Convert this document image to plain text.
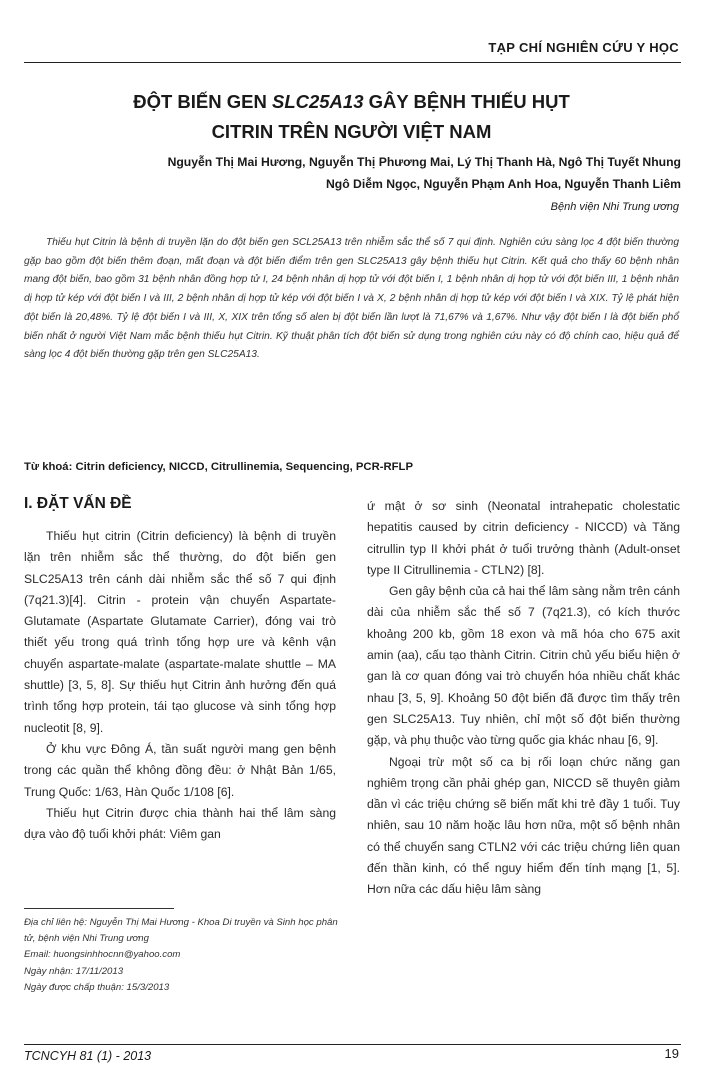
TẠP CHÍ NGHIÊN CỨU Y HỌC
ĐỘT BIẾN GEN SLC25A13 GÂY BỆNH THIẾU HỤT
CITRIN TRÊN NGƯỜI VIỆT NAM
Nguyễn Thị Mai Hương, Nguyễn Thị Phương Mai, Lý Thị Thanh Hà, Ngô Thị Tuyết Nhung
Ngô Diễm Ngọc, Nguyễn Phạm Anh Hoa, Nguyễn Thanh Liêm
Bệnh viện Nhi Trung ương
Thiếu hụt Citrin là bệnh di truyền lặn do đột biến gen SCL25A13 trên nhiễm sắc thể số 7 qui định. Nghiên cứu sàng lọc 4 đột biến thường gặp bao gồm đột biến thêm đoạn, mất đoạn và đột biến điểm trên gen SLC25A13 gây bệnh thiếu hụt Citrin. Kết quả cho thấy 60 bệnh nhân mang đột biến, bao gồm 31 bệnh nhân đồng hợp tử I, 24 bệnh nhân dị hợp tử với đột biến I, 1 bệnh nhân dị hợp tử với đột biến III, 1 bệnh nhân dị hợp tử kép với đột biến I và III, 2 bệnh nhân dị hợp tử kép với đột biến I và X, 2 bệnh nhân dị hợp tử kép với đột biến I và XIX. Tỷ lệ phát hiện đột biến là 20,48%. Tỷ lệ đột biến I và III, X, XIX trên tổng số alen bị đột biến lần lượt là 71,67% và 1,67%. Như vậy đột biến I là đột biến phổ biến nhất ở người Việt Nam mắc bệnh thiếu hụt Citrin. Kỹ thuật phân tích đột biến sử dụng trong nghiên cứu này có độ chính cao, hiệu quả để sàng lọc 4 đột biến thường gặp trên gen SLC25A13.
Từ khoá: Citrin deficiency, NICCD, Citrullinemia, Sequencing, PCR-RFLP
I. ĐẶT VẤN ĐỀ

Thiếu hụt citrin (Citrin deficiency) là bệnh di truyền lặn trên nhiễm sắc thể thường, do đột biến gen SLC25A13 trên cánh dài nhiễm sắc thể số 7 qui định (7q21.3)[4]. Citrin - protein vận chuyển Aspartate-Glutamate (Aspartate Glutamate Carrier), đóng vai trò thiết yếu trong quá trình tổng hợp ure và kênh vận chuyển aspartate-malate (aspartate-malate shuttle – MA shuttle) [3, 5, 8]. Sự thiếu hụt Citrin ảnh hưởng đến quá trình tổng hợp protein, tái tạo glucose và sinh tổng hợp nucleotit [8, 9].

Ở khu vực Đông Á, tần suất người mang gen bệnh trong các quần thể không đồng đều: ở Nhật Bản 1/65, Trung Quốc: 1/63, Hàn Quốc 1/108 [6].

Thiếu hụt Citrin được chia thành hai thể lâm sàng dựa vào độ tuổi khởi phát: Viêm gan

ứ mật ở sơ sinh (Neonatal intrahepatic cholestatic hepatitis caused by citrin deficiency - NICCD) và Tăng citrullin typ II khởi phát ở tuổi trưởng thành (Adult-onset type II Citrullinemia - CTLN2) [8].

Gen gây bệnh của cả hai thể lâm sàng nằm trên cánh dài của nhiễm sắc thể số 7 (7q21.3), có kích thước khoảng 200 kb, gồm 18 exon và mã hóa cho 675 axit amin (aa), cấu tạo thành Citrin. Citrin chủ yếu biểu hiện ở gan là cơ quan đóng vai trò chuyển hóa nhiều chất khác nhau [3, 5, 9]. Khoảng 50 đột biến đã được tìm thấy trên gen SLC25A13. Tuy nhiên, chỉ một số đột biến thường gặp, và phụ thuộc vào từng quốc gia khác nhau [6, 9].

Ngoại trừ một số ca bị rối loạn chức năng gan nghiêm trọng cần phải ghép gan, NICCD sẽ thuyên giảm dần vì các triệu chứng sẽ biến mất khi trẻ đầy 1 tuổi. Tuy nhiên, sau 10 năm hoặc lâu hơn nữa, một số bệnh nhân có thể chuyển sang CTLN2 với các triệu chứng liên quan đến thần kinh, có thể nguy hiểm đến tính mạng [1, 5]. Hơn nữa các dấu hiệu lâm sàng

Địa chỉ liên hệ: Nguyễn Thị Mai Hương - Khoa Di truyền và Sinh học phân tử, bệnh viện Nhi Trung ương
Email: huongsinhhocnn@yahoo.com
Ngày nhận: 17/11/2013
Ngày được chấp thuận: 15/3/2013
TCNCYH 81 (1) - 2013	19
